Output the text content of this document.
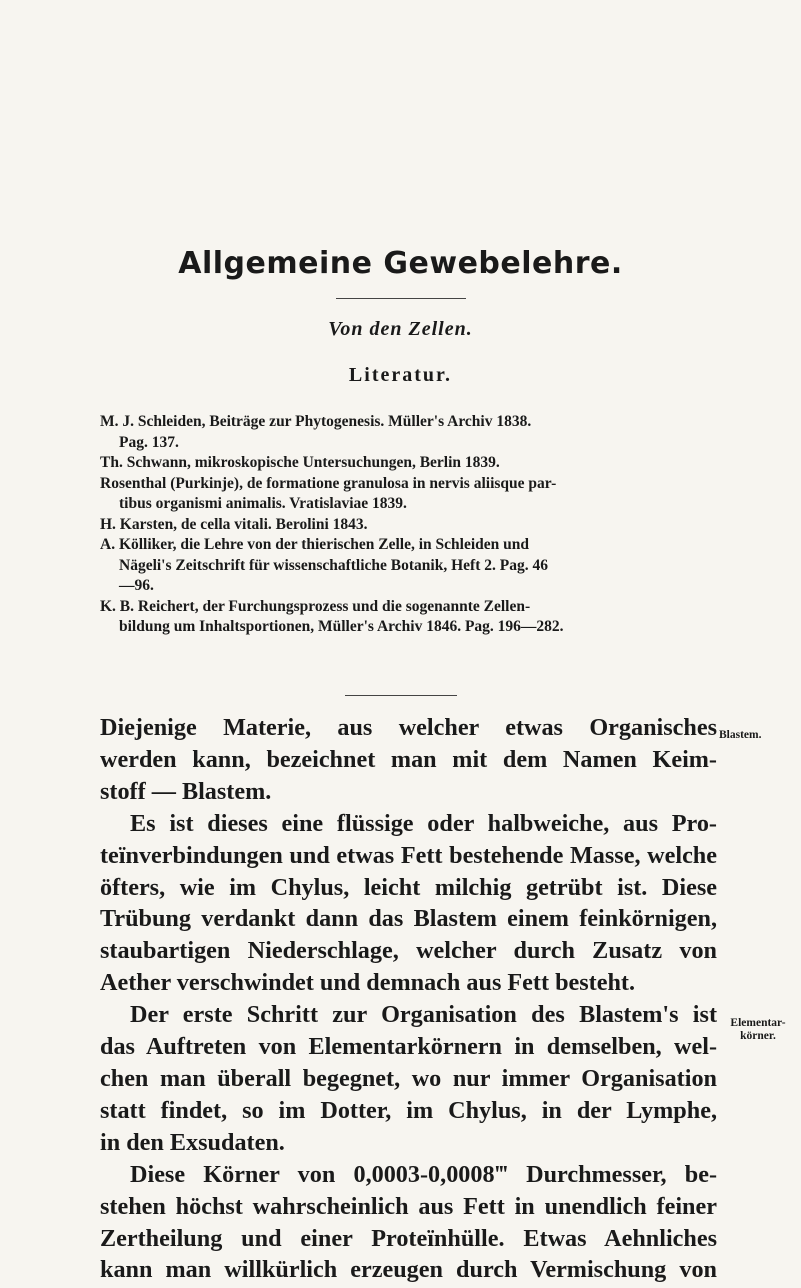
Allgemeine Gewebelehre.
Von den Zellen.
Literatur.

M. J. Schleiden, Beiträge zur Phytogenesis. Müller's Archiv 1838.
Pag. 137.

Th. Schwann, mikroskopische Untersuchungen, Berlin 1839.

Rosenthal (Purkinje), de formatione granulosa in nervis aliisque par-
tibus organismi animalis. Vratislaviae 1839.

H. Karsten, de cella vitali. Berolini 1843.

A. Kölliker, die Lehre von der thierischen Zelle, in Schleiden und
Nägeli's Zeitschrift für wissenschaftliche Botanik, Heft 2. Pag. 46
—96.

K. B. Reichert, der Furchungsprozess und die sogenannte Zellen-
bildung um Inhaltsportionen, Müller's Archiv 1846. Pag. 196—282.

Diejenige Materie, aus welcher etwas Organisches
werden kann, bezeichnet man mit dem Namen Keim-
stoff — Blastem.

Es ist dieses eine flüssige oder halbweiche, aus Pro-
teïnverbindungen und etwas Fett bestehende Masse, welche
öfters, wie im Chylus, leicht milchig getrübt ist. Diese
Trübung verdankt dann das Blastem einem feinkörnigen,
staubartigen Niederschlage, welcher durch Zusatz von
Aether verschwindet und demnach aus Fett besteht.

Der erste Schritt zur Organisation des Blastem's ist
das Auftreten von Elementarkörnern in demselben, wel-
chen man überall begegnet, wo nur immer Organisation
statt findet, so im Dotter, im Chylus, in der Lymphe,
in den Exsudaten.

Diese Körner von 0,0003-0,0008‴ Durchmesser, be-
stehen höchst wahrscheinlich aus Fett in unendlich feiner
Zertheilung und einer Proteïnhülle. Etwas Aehnliches
kann man willkürlich erzeugen durch Vermischung von

Blastem.
Elementar-
körner.
